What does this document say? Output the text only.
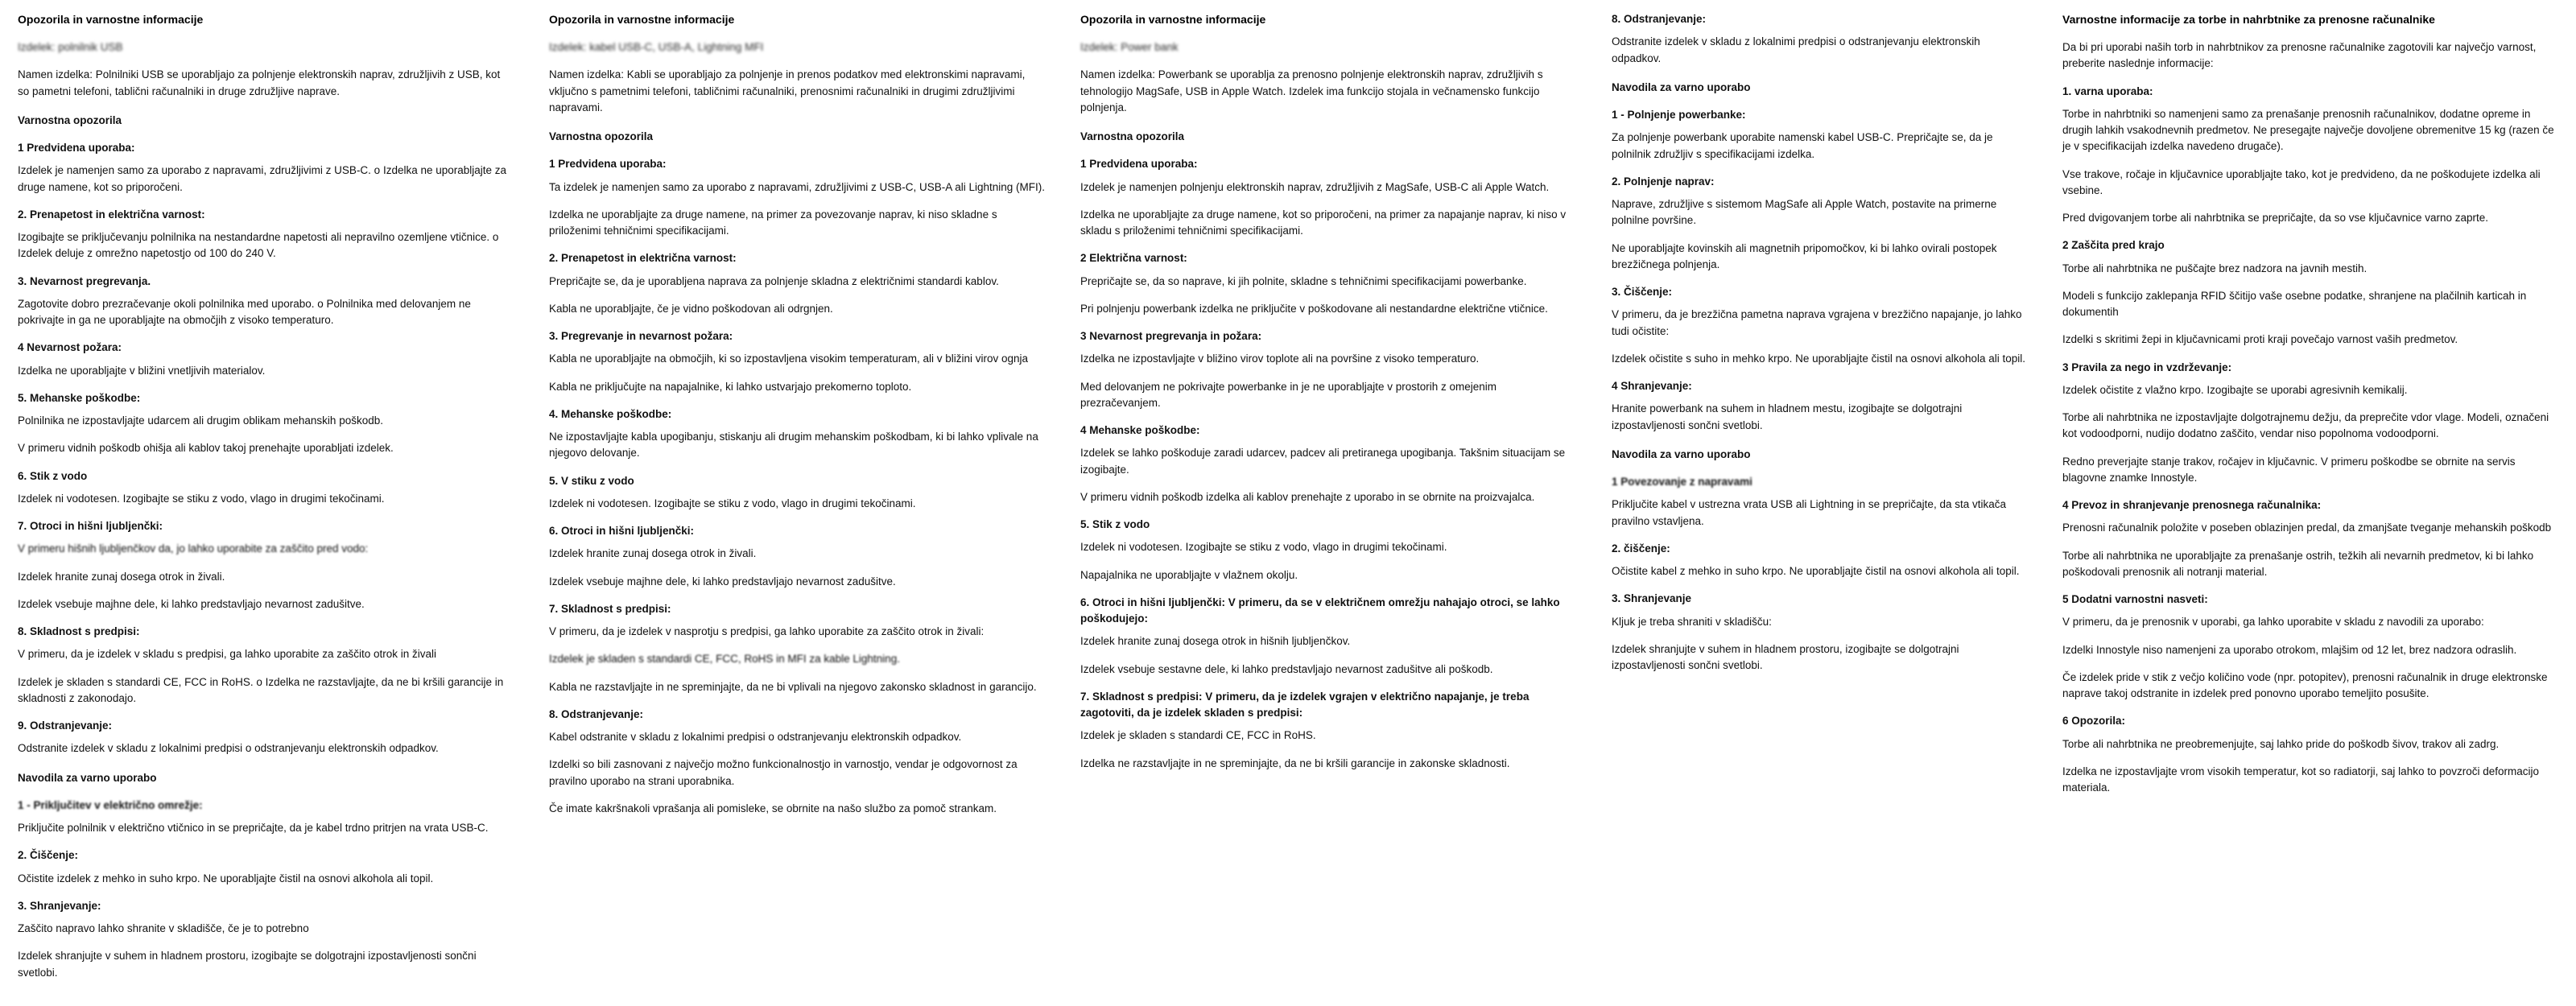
Opozorila in varnostne informacije
Izdelek: polnilnik USB

Namen izdelka: Polnilniki USB se uporabljajo za polnjenje elektronskih naprav, združljivih z USB, kot so pametni telefoni, tablični računalniki in druge združljive naprave.

Varnostna opozorila
1 Predvidena uporaba:

Izdelek je namenjen samo za uporabo z napravami, združljivimi z USB-C. o Izdelka ne uporabljajte za druge namene, kot so priporočeni.

2. Prenapetost in električna varnost:

Izogibajte se priključevanju polnilnika na nestandardne napetosti ali nepravilno ozemljene vtičnice. o Izdelek deluje z omrežno napetostjo od 100 do 240 V.

3. Nevarnost pregrevanja.

Zagotovite dobro prezračevanje okoli polnilnika med uporabo. o Polnilnika med delovanjem ne pokrivajte in ga ne uporabljajte na območjih z visoko temperaturo.

4 Nevarnost požara:

Izdelka ne uporabljajte v bližini vnetljivih materialov.

5. Mehanske poškodbe:

Polnilnika ne izpostavljajte udarcem ali drugim oblikam mehanskih poškodb.

V primeru vidnih poškodb ohišja ali kablov takoj prenehajte uporabljati izdelek.

6. Stik z vodo

Izdelek ni vodotesen. Izogibajte se stiku z vodo, vlago in drugimi tekočinami.

7. Otroci in hišni ljubljenčki:

V primeru hišnih ljubljenčkov da, jo lahko uporabite za zaščito pred vodo:

Izdelek hranite zunaj dosega otrok in živali.

Izdelek vsebuje majhne dele, ki lahko predstavljajo nevarnost zadušitve.

8. Skladnost s predpisi:

V primeru, da je izdelek v skladu s predpisi, ga lahko uporabite za zaščito otrok in živali

Izdelek je skladen s standardi CE, FCC in RoHS. o Izdelka ne razstavljajte, da ne bi kršili garancije in skladnosti z zakonodajo.

9. Odstranjevanje:

Odstranite izdelek v skladu z lokalnimi predpisi o odstranjevanju elektronskih odpadkov.

Navodila za varno uporabo
1 - Priključitev v električno omrežje:

Priključite polnilnik v električno vtičnico in se prepričajte, da je kabel trdno pritrjen na vrata USB-C.

2. Čiščenje:

Očistite izdelek z mehko in suho krpo. Ne uporabljajte čistil na osnovi alkohola ali topil.

3. Shranjevanje:

Zaščito napravo lahko shranite v skladišče, če je to potrebno

Izdelek shranjujte v suhem in hladnem prostoru, izogibajte se dolgotrajni izpostavljenosti sončni svetlobi.

Opozorila in varnostne informacije
Izdelek: kabel USB-C, USB-A, Lightning MFI

Namen izdelka: Kabli se uporabljajo za polnjenje in prenos podatkov med elektronskimi napravami, vključno s pametnimi telefoni, tabličnimi računalniki, prenosnimi računalniki in drugimi združljivimi napravami.

Varnostna opozorila
1 Predvidena uporaba:

Ta izdelek je namenjen samo za uporabo z napravami, združljivimi z USB-C, USB-A ali Lightning (MFI).

Izdelka ne uporabljajte za druge namene, na primer za povezovanje naprav, ki niso skladne s priloženimi tehničnimi specifikacijami.

2. Prenapetost in električna varnost:

Prepričajte se, da je uporabljena naprava za polnjenje skladna z električnimi standardi kablov.

Kabla ne uporabljajte, če je vidno poškodovan ali odrgnjen.

3. Pregrevanje in nevarnost požara:

Kabla ne uporabljajte na območjih, ki so izpostavljena visokim temperaturam, ali v bližini virov ognja

Kabla ne priključujte na napajalnike, ki lahko ustvarjajo prekomerno toploto.

4. Mehanske poškodbe:

Ne izpostavljajte kabla upogibanju, stiskanju ali drugim mehanskim poškodbam, ki bi lahko vplivale na njegovo delovanje.

5. V stiku z vodo

Izdelek ni vodotesen. Izogibajte se stiku z vodo, vlago in drugimi tekočinami.

6. Otroci in hišni ljubljenčki:

Izdelek hranite zunaj dosega otrok in živali.

Izdelek vsebuje majhne dele, ki lahko predstavljajo nevarnost zadušitve.

7. Skladnost s predpisi:

V primeru, da je izdelek v nasprotju s predpisi, ga lahko uporabite za zaščito otrok in živali:

Izdelek je skladen s standardi CE, FCC, RoHS in MFI za kable Lightning.

Kabla ne razstavljajte in ne spreminjajte, da ne bi vplivali na njegovo zakonsko skladnost in garancijo.

8. Odstranjevanje:

Kabel odstranite v skladu z lokalnimi predpisi o odstranjevanju elektronskih odpadkov.

Izdelki so bili zasnovani z največjo možno funkcionalnostjo in varnostjo, vendar je odgovornost za pravilno uporabo na strani uporabnika.

Če imate kakršnakoli vprašanja ali pomisleke, se obrnite na našo službo za pomoč strankam.

Opozorila in varnostne informacije
Izdelek: Power bank

Namen izdelka: Powerbank se uporablja za prenosno polnjenje elektronskih naprav, združljivih s tehnologijo MagSafe, USB in Apple Watch. Izdelek ima funkcijo stojala in večnamensko funkcijo polnjenja.

Varnostna opozorila
1 Predvidena uporaba:

Izdelek je namenjen polnjenju elektronskih naprav, združljivih z MagSafe, USB-C ali Apple Watch.

Izdelka ne uporabljajte za druge namene, kot so priporočeni, na primer za napajanje naprav, ki niso v skladu s priloženimi tehničnimi specifikacijami.

2 Električna varnost:

Prepričajte se, da so naprave, ki jih polnite, skladne s tehničnimi specifikacijami powerbanke.

Pri polnjenju powerbank izdelka ne priključite v poškodovane ali nestandardne električne vtičnice.

3 Nevarnost pregrevanja in požara:

Izdelka ne izpostavljajte v bližino virov toplote ali na površine z visoko temperaturo.

Med delovanjem ne pokrivajte powerbanke in je ne uporabljajte v prostorih z omejenim prezračevanjem.

4 Mehanske poškodbe:

Izdelek se lahko poškoduje zaradi udarcev, padcev ali pretiranega upogibanja. Takšnim situacijam se izogibajte.

V primeru vidnih poškodb izdelka ali kablov prenehajte z uporabo in se obrnite na proizvajalca.

5. Stik z vodo

Izdelek ni vodotesen. Izogibajte se stiku z vodo, vlago in drugimi tekočinami.

Napajalnika ne uporabljajte v vlažnem okolju.

6. Otroci in hišni ljubljenčki: V primeru, da se v električnem omrežju nahajajo otroci, se lahko poškodujejo:

Izdelek hranite zunaj dosega otrok in hišnih ljubljenčkov.

Izdelek vsebuje sestavne dele, ki lahko predstavljajo nevarnost zadušitve ali poškodb.

7. Skladnost s predpisi: V primeru, da je izdelek vgrajen v električno napajanje, je treba zagotoviti, da je izdelek skladen s predpisi:

Izdelek je skladen s standardi CE, FCC in RoHS.

Izdelka ne razstavljajte in ne spreminjajte, da ne bi kršili garancije in zakonske skladnosti.

8. Odstranjevanje:

Odstranite izdelek v skladu z lokalnimi predpisi o odstranjevanju elektronskih odpadkov.

Navodila za varno uporabo
1 - Polnjenje powerbanke:

Za polnjenje powerbank uporabite namenski kabel USB-C. Prepričajte se, da je polnilnik združljiv s specifikacijami izdelka.

2. Polnjenje naprav:

Naprave, združljive s sistemom MagSafe ali Apple Watch, postavite na primerne polnilne površine.

Ne uporabljajte kovinskih ali magnetnih pripomočkov, ki bi lahko ovirali postopek brezžičnega polnjenja.

3. Čiščenje:

V primeru, da je brezžična pametna naprava vgrajena v brezžično napajanje, jo lahko tudi očistite:

Izdelek očistite s suho in mehko krpo. Ne uporabljajte čistil na osnovi alkohola ali topil.

4 Shranjevanje:

Hranite powerbank na suhem in hladnem mestu, izogibajte se dolgotrajni izpostavljenosti sončni svetlobi.

Navodila za varno uporabo
1 Povezovanje z napravami

Priključite kabel v ustrezna vrata USB ali Lightning in se prepričajte, da sta vtikača pravilno vstavljena.

2. čiščenje:

Očistite kabel z mehko in suho krpo. Ne uporabljajte čistil na osnovi alkohola ali topil.

3. Shranjevanje

Kljuk je treba shraniti v skladišču:

Izdelek shranjujte v suhem in hladnem prostoru, izogibajte se dolgotrajni izpostavljenosti sončni svetlobi.

Varnostne informacije za torbe in nahrbtnike za prenosne računalnike

Da bi pri uporabi naših torb in nahrbtnikov za prenosne računalnike zagotovili kar največjo varnost, preberite naslednje informacije:

1. varna uporaba:

Torbe in nahrbtniki so namenjeni samo za prenašanje prenosnih računalnikov, dodatne opreme in drugih lahkih vsakodnevnih predmetov. Ne presegajte največje dovoljene obremenitve 15 kg (razen če je v specifikacijah izdelka navedeno drugače).

Vse trakove, ročaje in ključavnice uporabljajte tako, kot je predvideno, da ne poškodujete izdelka ali vsebine.

Pred dvigovanjem torbe ali nahrbtnika se prepričajte, da so vse ključavnice varno zaprte.

2 Zaščita pred krajo

Torbe ali nahrbtnika ne puščajte brez nadzora na javnih mestih.

Modeli s funkcijo zaklepanja RFID ščitijo vaše osebne podatke, shranjene na plačilnih karticah in dokumentih

Izdelki s skritimi žepi in ključavnicami proti kraji povečajo varnost vaših predmetov.

3 Pravila za nego in vzdrževanje:

Izdelek očistite z vlažno krpo. Izogibajte se uporabi agresivnih kemikalij.

Torbe ali nahrbtnika ne izpostavljajte dolgotrajnemu dežju, da preprečite vdor vlage. Modeli, označeni kot vodoodporni, nudijo dodatno zaščito, vendar niso popolnoma vodoodporni.

Redno preverjajte stanje trakov, ročajev in ključavnic. V primeru poškodbe se obrnite na servis blagovne znamke Innostyle.

4 Prevoz in shranjevanje prenosnega računalnika:

Prenosni računalnik položite v poseben oblazinjen predal, da zmanjšate tveganje mehanskih poškodb

Torbe ali nahrbtnika ne uporabljajte za prenašanje ostrih, težkih ali nevarnih predmetov, ki bi lahko poškodovali prenosnik ali notranji material.

5 Dodatni varnostni nasveti:

V primeru, da je prenosnik v uporabi, ga lahko uporabite v skladu z navodili za uporabo:

Izdelki Innostyle niso namenjeni za uporabo otrokom, mlajšim od 12 let, brez nadzora odraslih.

Če izdelek pride v stik z večjo količino vode (npr. potopitev), prenosni računalnik in druge elektronske naprave takoj odstranite in izdelek pred ponovno uporabo temeljito posušite.

6 Opozorila:

Torbe ali nahrbtnika ne preobremenjujte, saj lahko pride do poškodb šivov, trakov ali zadrg.

Izdelka ne izpostavljajte vrom visokih temperatur, kot so radiatorji, saj lahko to povzroči deformacijo materiala.
